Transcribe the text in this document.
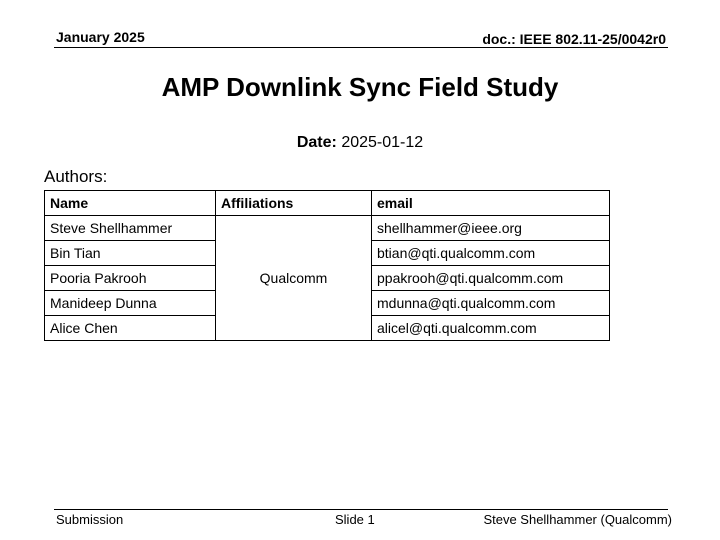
January 2025	doc.: IEEE 802.11-25/0042r0
AMP Downlink Sync Field Study
Date: 2025-01-12
Authors:
Name	Affiliations	email
Steve Shellhammer	Qualcomm	shellhammer@ieee.org
Bin Tian		btian@qti.qualcomm.com
Pooria Pakrooh		ppakrooh@qti.qualcomm.com
Manideep Dunna		mdunna@qti.qualcomm.com
Alice Chen		alicel@qti.qualcomm.com
Submission	Slide 1	Steve Shellhammer (Qualcomm)
